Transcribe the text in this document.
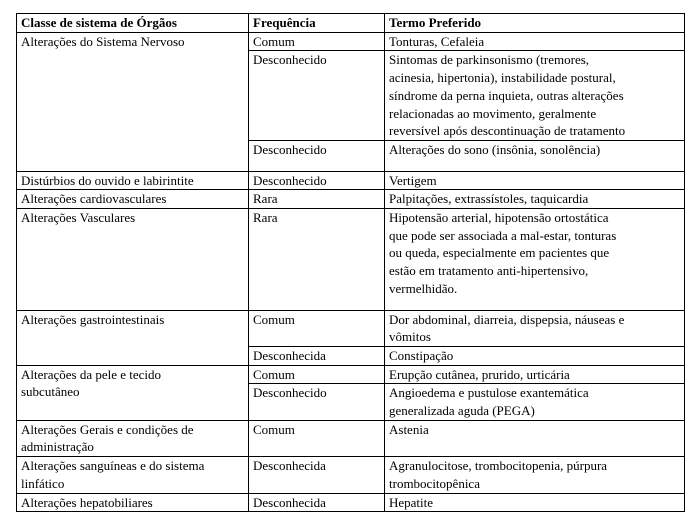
Classe de sistema de Órgãos	Frequência	Termo Preferido

Alterações do Sistema Nervoso	Comum	Tonturas, Cefaleia

	Desconhecido	Sintomas de parkinsonismo (tremores,
acinesia, hipertonia), instabilidade postural,
síndrome da perna inquieta, outras alterações
relacionadas ao movimento, geralmente
reversível após descontinuação de tratamento

	Desconhecido	Alterações do sono (insônia, sonolência)

Distúrbios do ouvido e labirintite	Desconhecido	Vertigem

Alterações cardiovasculares	Rara	Palpitações, extrassístoles, taquicardia

Alterações Vasculares	Rara	Hipotensão arterial, hipotensão ortostática
que pode ser associada a mal-estar, tonturas
ou queda, especialmente em pacientes que
estão em tratamento anti-hipertensivo,
vermelhidão.

Alterações gastrointestinais	Comum	Dor abdominal, diarreia, dispepsia, náuseas e
vômitos

	Desconhecida	Constipação

Alterações da pele e tecido
subcutâneo	Comum	Erupção cutânea, prurido, urticária

	Desconhecido	Angioedema e pustulose exantemática
generalizada aguda (PEGA)

Alterações Gerais e condições de
administração	Comum	Astenia

Alterações sanguíneas e do sistema
linfático	Desconhecida	Agranulocitose, trombocitopenia, púrpura
trombocitopênica

Alterações hepatobiliares	Desconhecida	Hepatite
